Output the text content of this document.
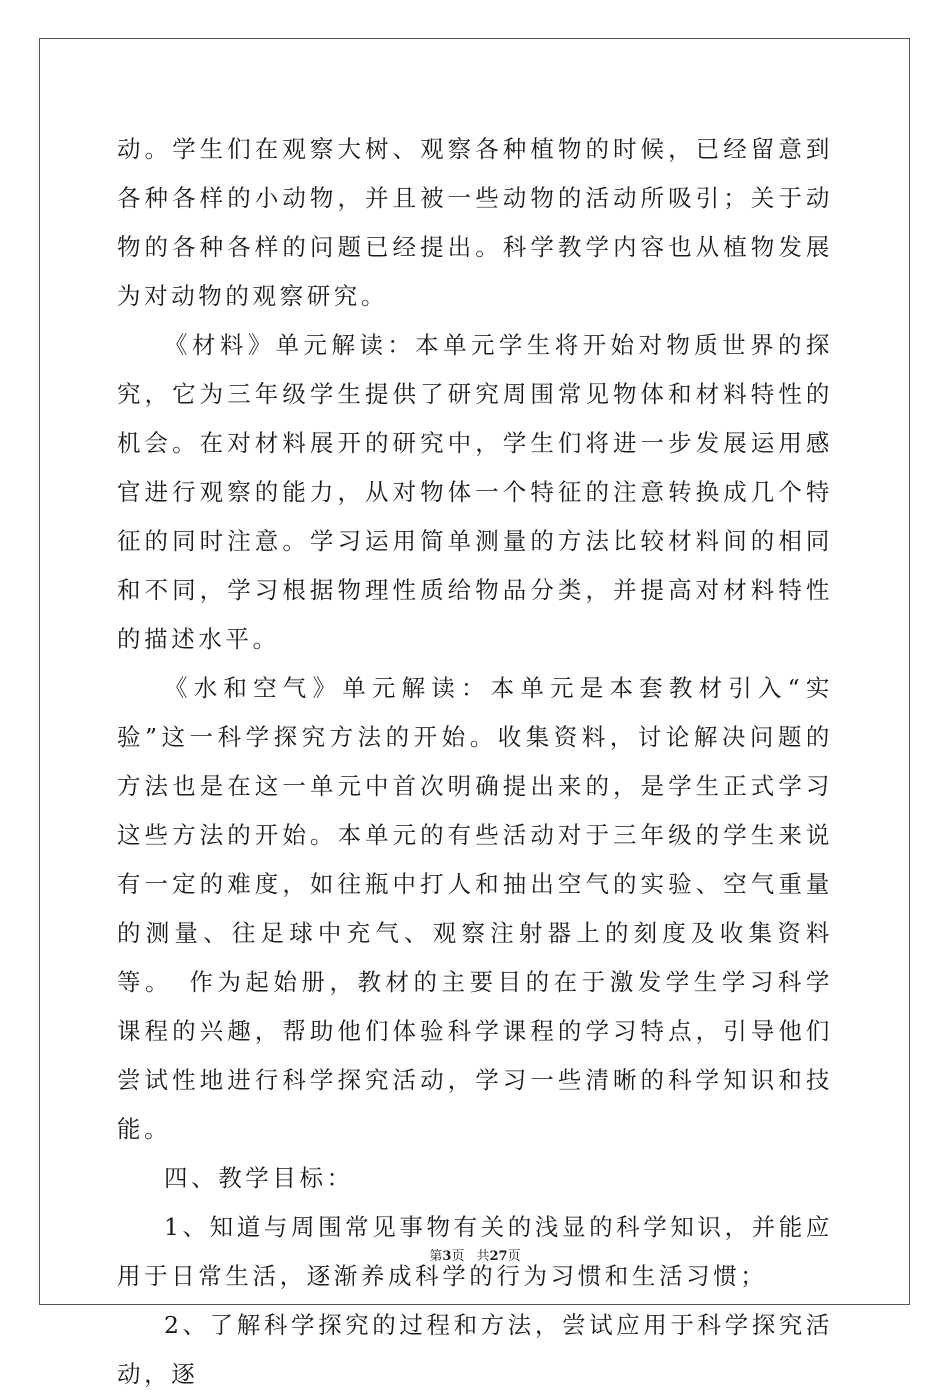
动。学生们在观察大树、观察各种植物的时候，已经留意到各种各样的小动物，并且被一些动物的活动所吸引；关于动物的各种各样的问题已经提出。科学教学内容也从植物发展为对动物的观察研究。

《材料》单元解读：本单元学生将开始对物质世界的探究，它为三年级学生提供了研究周围常见物体和材料特性的机会。在对材料展开的研究中，学生们将进一步发展运用感官进行观察的能力，从对物体一个特征的注意转换成几个特征的同时注意。学习运用简单测量的方法比较材料间的相同和不同，学习根据物理性质给物品分类，并提高对材料特性的描述水平。

《水和空气》单元解读：本单元是本套教材引入“实验”这一科学探究方法的开始。收集资料，讨论解决问题的方法也是在这一单元中首次明确提出来的，是学生正式学习这些方法的开始。本单元的有些活动对于三年级的学生来说有一定的难度，如往瓶中打人和抽出空气的实验、空气重量的测量、往足球中充气、观察注射器上的刻度及收集资料等。　作为起始册，教材的主要目的在于激发学生学习科学课程的兴趣，帮助他们体验科学课程的学习特点，引导他们尝试性地进行科学探究活动，学习一些清晰的科学知识和技能。

四、教学目标：

1、知道与周围常见事物有关的浅显的科学知识，并能应用于日常生活，逐渐养成科学的行为习惯和生活习惯；

2、了解科学探究的过程和方法，尝试应用于科学探究活动，逐

第3页 共27页
